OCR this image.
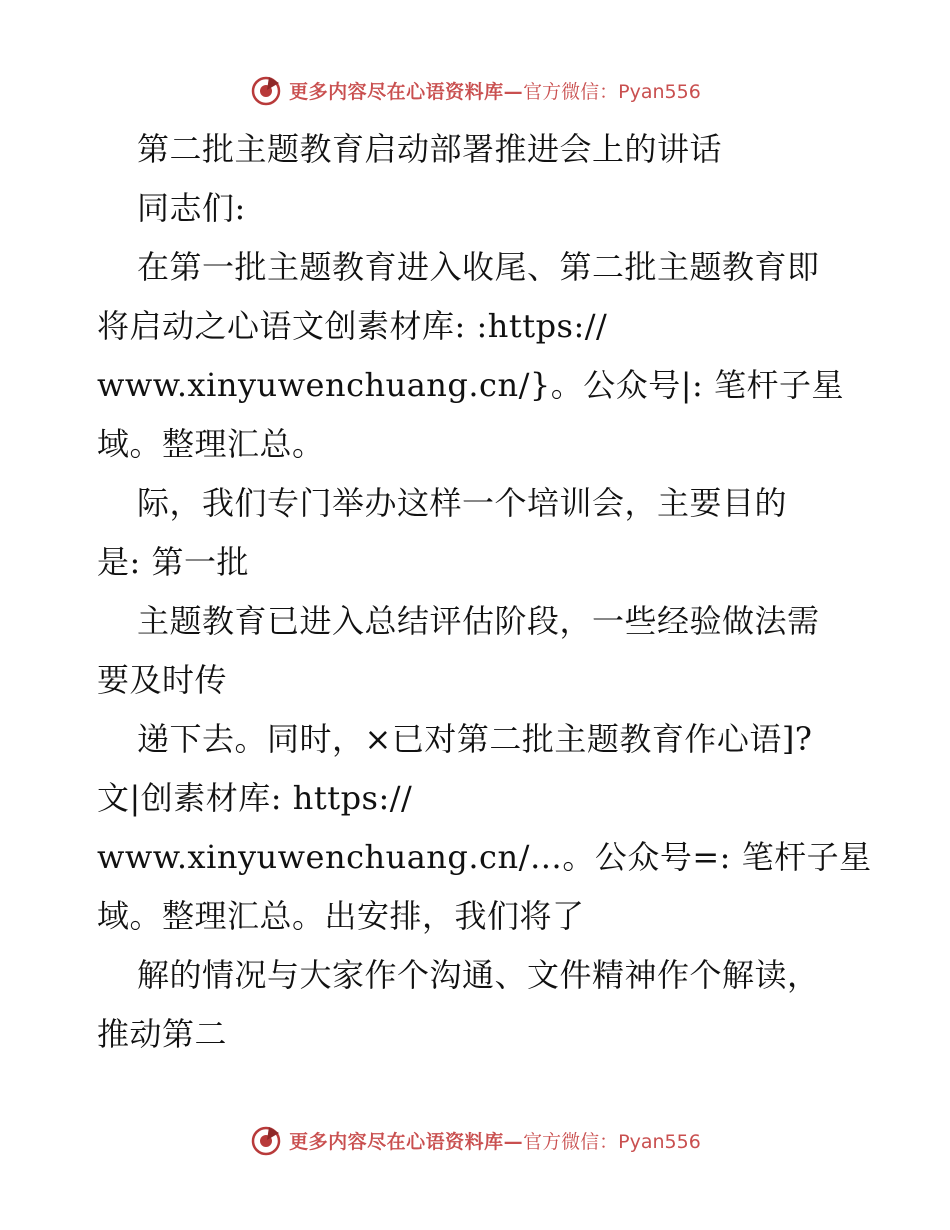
更多内容尽在心语资料库— 官方微信：Pyan556
第二批主题教育启动部署推进会上的讲话
同志们:
在第一批主题教育进入收尾、第二批主题教育即
将启动之心语文创素材库: :https://
www.xinyuwenchuang.cn/}。公众号|: 笔杆子星
域。整理汇总。
际，我们专门举办这样一个培训会，主要目的
是: 第一批
主题教育已进入总结评估阶段，一些经验做法需
要及时传
递下去。同时，×已对第二批主题教育作心语]?
文|创素材库: https://
www.xinyuwenchuang.cn/…。公众号=: 笔杆子星
域。整理汇总。出安排，我们将了
解的情况与大家作个沟通、文件精神作个解读，
推动第二
更多内容尽在心语资料库— 官方微信：Pyan556
